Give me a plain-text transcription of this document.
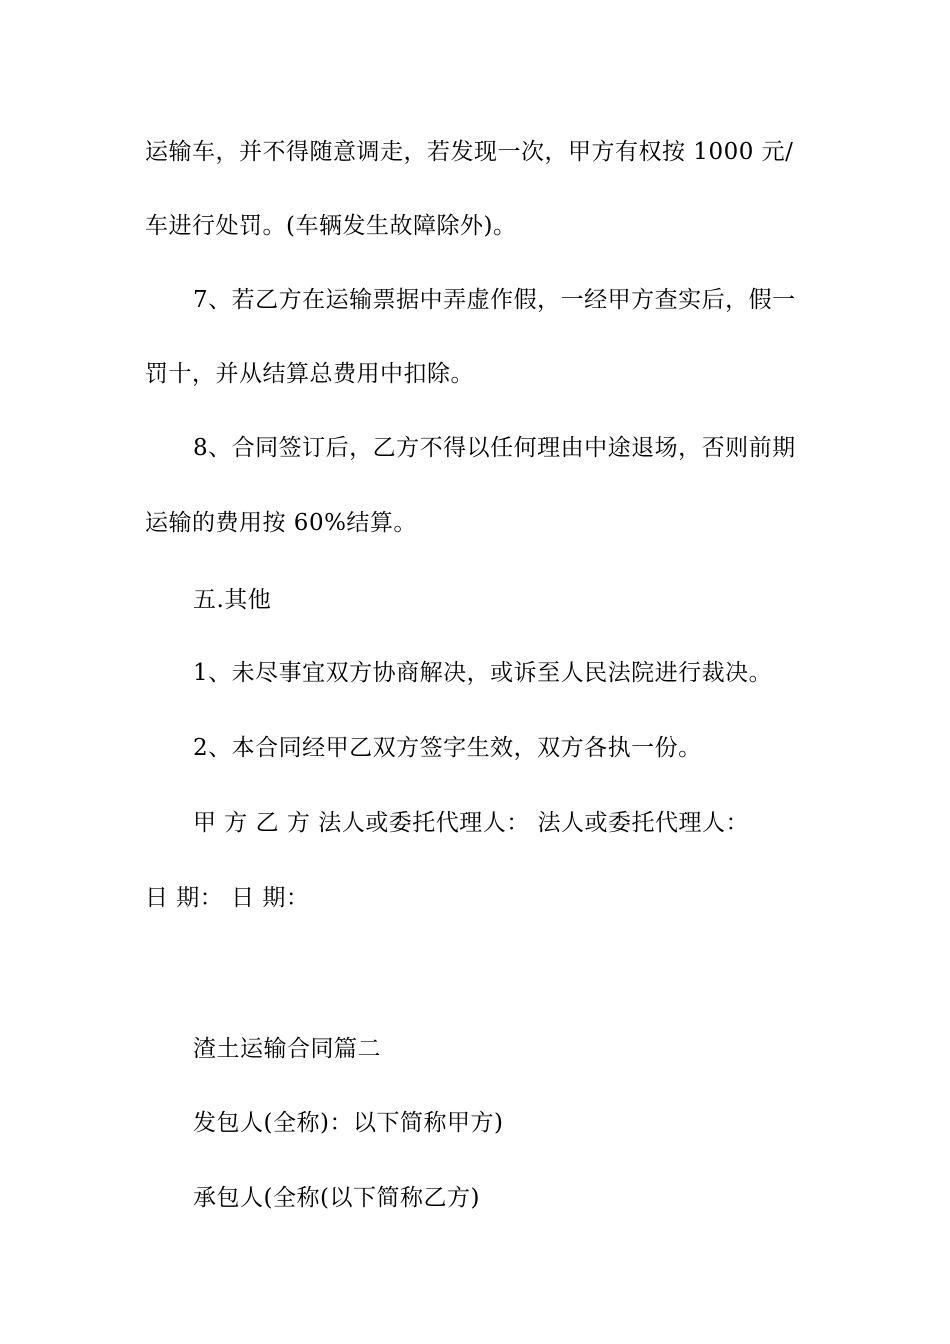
运输车，并不得随意调走，若发现一次，甲方有权按 1000 元/
车进行处罚。(车辆发生故障除外)。
7、若乙方在运输票据中弄虚作假，一经甲方查实后，假一
罚十，并从结算总费用中扣除。
8、合同签订后，乙方不得以任何理由中途退场，否则前期
运输的费用按 60%结算。
五.其他
1、未尽事宜双方协商解决，或诉至人民法院进行裁决。
2、本合同经甲乙双方签字生效，双方各执一份。
甲 方 乙 方 法人或委托代理人： 法人或委托代理人：
日 期： 日 期：
渣土运输合同篇二
发包人(全称)：以下简称甲方)
承包人(全称(以下简称乙方)
